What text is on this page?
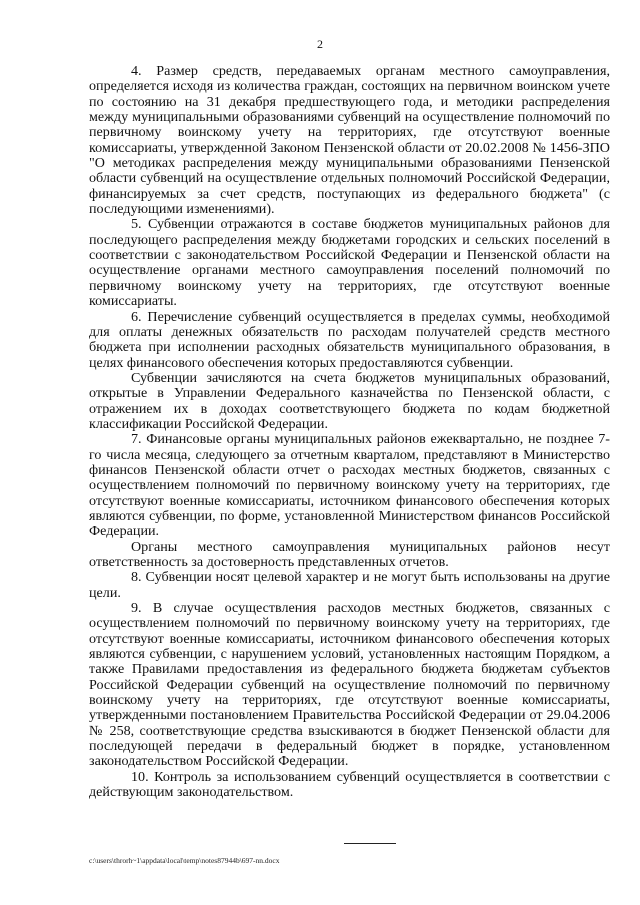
2

4. Размер средств, передаваемых органам местного самоуправления, определяется исходя из количества граждан, состоящих на первичном воинском учете по состоянию на 31 декабря предшествующего года, и методики распределения между муниципальными образованиями субвенций на осуществление полномочий по первичному воинскому учету на территориях, где отсутствуют военные комиссариаты, утвержденной Законом Пензенской области от 20.02.2008 № 1456-ЗПО "О методиках распределения между муниципальными образованиями Пензенской области субвенций на осуществление отдельных полномочий Российской Федерации, финансируемых за счет средств, поступающих из федерального бюджета" (с последующими изменениями).

5. Субвенции отражаются в составе бюджетов муниципальных районов для последующего распределения между бюджетами городских и сельских поселений в соответствии с законодательством Российской Федерации и Пензенской области на осуществление органами местного самоуправления поселений полномочий по первичному воинскому учету на территориях, где отсутствуют военные комиссариаты.

6. Перечисление субвенций осуществляется в пределах суммы, необходимой для оплаты денежных обязательств по расходам получателей средств местного бюджета при исполнении расходных обязательств муниципального образования, в целях финансового обеспечения которых предоставляются субвенции.

Субвенции зачисляются на счета бюджетов муниципальных образований, открытые в Управлении Федерального казначейства по Пензенской области, с отражением их в доходах соответствующего бюджета по кодам бюджетной классификации Российской Федерации.

7. Финансовые органы муниципальных районов ежеквартально, не позднее 7-го числа месяца, следующего за отчетным кварталом, представляют в Министерство финансов Пензенской области отчет о расходах местных бюджетов, связанных с осуществлением полномочий по первичному воинскому учету на территориях, где отсутствуют военные комиссариаты, источником финансового обеспечения которых являются субвенции, по форме, установленной Министерством финансов Российской Федерации.

Органы местного самоуправления муниципальных районов несут ответственность за достоверность представленных отчетов.

8. Субвенции носят целевой характер и не могут быть использованы на другие цели.

9. В случае осуществления расходов местных бюджетов, связанных с осуществлением полномочий по первичному воинскому учету на территориях, где отсутствуют военные комиссариаты, источником финансового обеспечения которых являются субвенции, с нарушением условий, установленных настоящим Порядком, а также Правилами предоставления из федерального бюджета бюджетам субъектов Российской Федерации субвенций на осуществление полномочий по первичному воинскому учету на территориях, где отсутствуют военные комиссариаты, утвержденными постановлением Правительства Российской Федерации от 29.04.2006 № 258, соответствующие средства взыскиваются в бюджет Пензенской области для последующей передачи в федеральный бюджет в порядке, установленном законодательством Российской Федерации.

10. Контроль за использованием субвенций осуществляется в соответствии с действующим законодательством.

c:\users\throrh~1\appdata\local\temp\notes87944b\697-nn.docx
